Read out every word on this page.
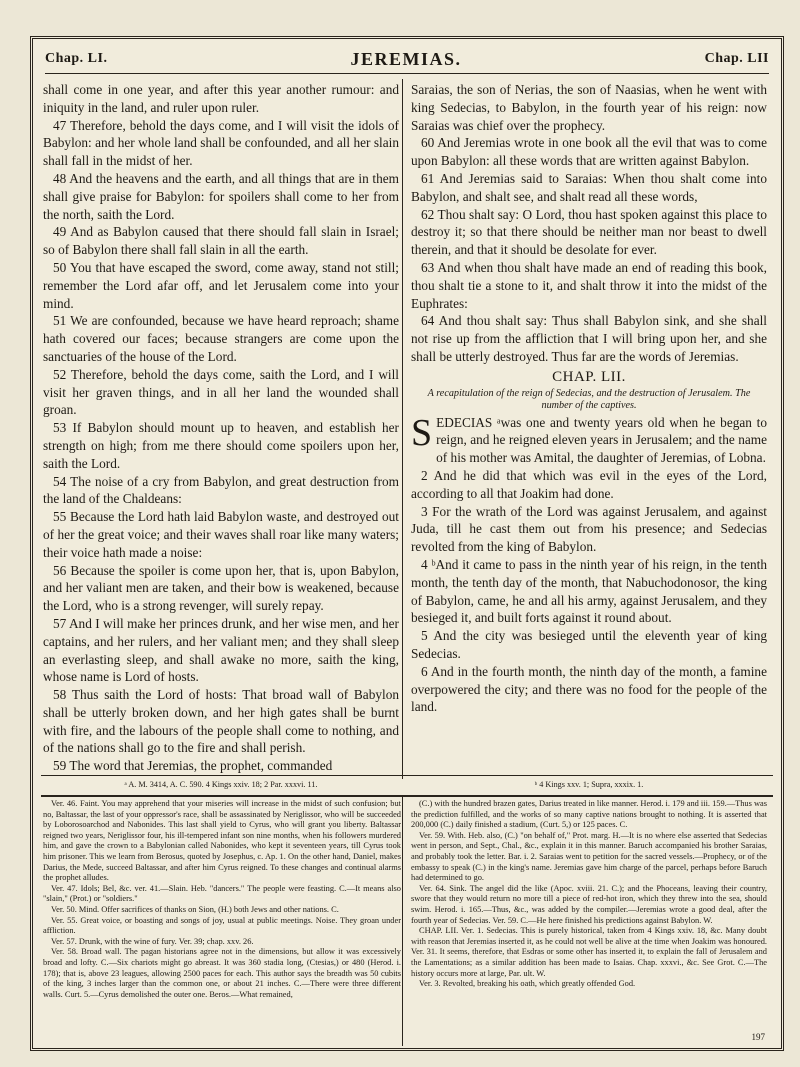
Chap. LI.	JEREMIAS.	Chap. LII

shall come in one year, and after this year another rumour: and iniquity in the land, and ruler upon ruler.

47 Therefore, behold the days come, and I will visit the idols of Babylon: and her whole land shall be confounded, and all her slain shall fall in the midst of her.

48 And the heavens and the earth, and all things that are in them shall give praise for Babylon: for spoilers shall come to her from the north, saith the Lord.

49 And as Babylon caused that there should fall slain in Israel; so of Babylon there shall fall slain in all the earth.

50 You that have escaped the sword, come away, stand not still; remember the Lord afar off, and let Jerusalem come into your mind.

51 We are confounded, because we have heard reproach; shame hath covered our faces; because strangers are come upon the sanctuaries of the house of the Lord.

52 Therefore, behold the days come, saith the Lord, and I will visit her graven things, and in all her land the wounded shall groan.

53 If Babylon should mount up to heaven, and establish her strength on high; from me there should come spoilers upon her, saith the Lord.

54 The noise of a cry from Babylon, and great destruction from the land of the Chaldeans:

55 Because the Lord hath laid Babylon waste, and destroyed out of her the great voice; and their waves shall roar like many waters; their voice hath made a noise:

56 Because the spoiler is come upon her, that is, upon Babylon, and her valiant men are taken, and their bow is weakened, because the Lord, who is a strong revenger, will surely repay.

57 And I will make her princes drunk, and her wise men, and her captains, and her rulers, and her valiant men; and they shall sleep an everlasting sleep, and shall awake no more, saith the king, whose name is Lord of hosts.

58 Thus saith the Lord of hosts: That broad wall of Babylon shall be utterly broken down, and her high gates shall be burnt with fire, and the labours of the people shall come to nothing, and of the nations shall go to the fire and shall perish.

59 The word that Jeremias, the prophet, commanded

Saraias, the son of Nerias, the son of Naasias, when he went with king Sedecias, to Babylon, in the fourth year of his reign: now Saraias was chief over the prophecy.

60 And Jeremias wrote in one book all the evil that was to come upon Babylon: all these words that are written against Babylon.

61 And Jeremias said to Saraias: When thou shalt come into Babylon, and shalt see, and shalt read all these words,

62 Thou shalt say: O Lord, thou hast spoken against this place to destroy it; so that there should be neither man nor beast to dwell therein, and that it should be desolate for ever.

63 And when thou shalt have made an end of reading this book, thou shalt tie a stone to it, and shalt throw it into the midst of the Euphrates:

64 And thou shalt say: Thus shall Babylon sink, and she shall not rise up from the affliction that I will bring upon her, and she shall be utterly destroyed. Thus far are the words of Jeremias.

CHAP. LII.
A recapitulation of the reign of Sedecias, and the destruction of Jerusalem. The number of the captives.

SEDECIAS ᵃwas one and twenty years old when he began to reign, and he reigned eleven years in Jerusalem; and the name of his mother was Amital, the daughter of Jeremias, of Lobna.

2 And he did that which was evil in the eyes of the Lord, according to all that Joakim had done.

3 For the wrath of the Lord was against Jerusalem, and against Juda, till he cast them out from his presence; and Sedecias revolted from the king of Babylon.

4 ᵇAnd it came to pass in the ninth year of his reign, in the tenth month, the tenth day of the month, that Nabuchodonosor, the king of Babylon, came, he and all his army, against Jerusalem, and they besieged it, and built forts against it round about.

5 And the city was besieged until the eleventh year of king Sedecias.

6 And in the fourth month, the ninth day of the month, a famine overpowered the city; and there was no food for the people of the land.

ᵃ A. M. 3414, A. C. 590. 4 Kings xxiv. 18; 2 Par. xxxvi. 11.	ᵇ 4 Kings xxv. 1; Supra, xxxix. 1.

Ver. 46. Faint. You may apprehend that your miseries will increase in the midst of such confusion; but no, Baltassar, the last of your oppressor's race, shall be assassinated by Neriglissor, who will be succeeded by Loborosoarchod and Nabonides. This last shall yield to Cyrus, who will grant you liberty. Baltassar reigned two years, Neriglissor four, his ill-tempered infant son nine months, when his followers murdered him, and gave the crown to a Babylonian called Nabonides, who kept it seventeen years, till Cyrus took him prisoner. This we learn from Berosus, quoted by Josephus, c. Ap. 1. On the other hand, Daniel, makes Darius, the Mede, succeed Baltassar, and after him Cyrus reigned. To these changes and continual alarms the prophet alludes.

Ver. 47. Idols; Bel, &c. ver. 41.—Slain. Heb. "dancers." The people were feasting. C.—It means also "slain," (Prot.) or "soldiers."

Ver. 50. Mind. Offer sacrifices of thanks on Sion, (H.) both Jews and other nations. C.

Ver. 55. Great voice, or boasting and songs of joy, usual at public meetings. Noise. They groan under affliction.

Ver. 57. Drunk, with the wine of fury. Ver. 39; chap. xxv. 26.

Ver. 58. Broad wall. The pagan historians agree not in the dimensions, but allow it was excessively broad and lofty. C.—Six chariots might go abreast. It was 360 stadia long, (Ctesias,) or 480 (Herod. i. 178); that is, above 23 leagues, allowing 2500 paces for each. This author says the breadth was 50 cubits of the king, 3 inches larger than the common one, or about 21 inches. C.—There were three different walls. Curt. 5.—Cyrus demolished the outer one. Beros.—What remained,

(C.) with the hundred brazen gates, Darius treated in like manner. Herod. i. 179 and iii. 159.—Thus was the prediction fulfilled, and the works of so many captive nations brought to nothing. It is asserted that 200,000 (C.) daily finished a stadium, (Curt. 5,) or 125 paces. C.

Ver. 59. With. Heb. also, (C.) "on behalf of," Prot. marg. H.—It is no where else asserted that Sedecias went in person, and Sept., Chal., &c., explain it in this manner. Baruch accompanied his brother Saraias, and probably took the letter. Bar. i. 2. Saraias went to petition for the sacred vessels.—Prophecy, or of the embassy to speak (C.) in the king's name. Jeremias gave him charge of the parcel, perhaps before Baruch had determined to go.

Ver. 64. Sink. The angel did the like (Apoc. xviii. 21. C.); and the Phoceans, leaving their country, swore that they would return no more till a piece of red-hot iron, which they threw into the sea, should swim. Herod. i. 165.—Thus, &c., was added by the compiler.—Jeremias wrote a good deal, after the fourth year of Sedecias. Ver. 59. C.—He here finished his predictions against Babylon. W.

CHAP. LII. Ver. 1. Sedecias. This is purely historical, taken from 4 Kings xxiv. 18, &c. Many doubt with reason that Jeremias inserted it, as he could not well be alive at the time when Joakim was honoured. Ver. 31. It seems, therefore, that Esdras or some other has inserted it, to explain the fall of Jerusalem and the Lamentations; as a similar addition has been made to Isaias. Chap. xxxvi., &c. See Grot. C.—The history occurs more at large, Par. ult. W.

Ver. 3. Revolted, breaking his oath, which greatly offended God.

197
